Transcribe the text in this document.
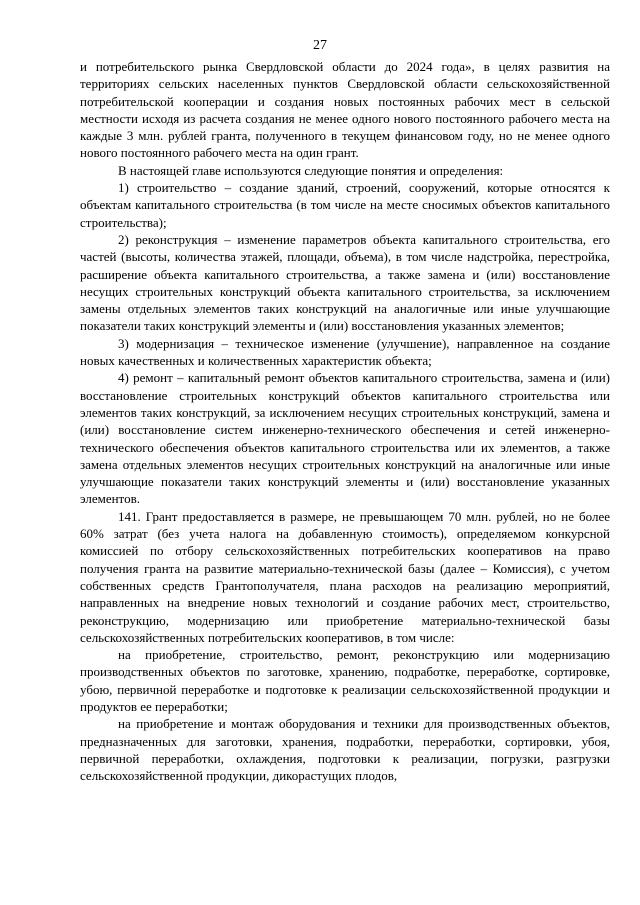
27

и потребительского рынка Свердловской области до 2024 года», в целях развития на территориях сельских населенных пунктов Свердловской области сельскохозяйственной потребительской кооперации и создания новых постоянных рабочих мест в сельской местности исходя из расчета создания не менее одного нового постоянного рабочего места на каждые 3 млн. рублей гранта, полученного в текущем финансовом году, но не менее одного нового постоянного рабочего места на один грант.

В настоящей главе используются следующие понятия и определения:

1) строительство – создание зданий, строений, сооружений, которые относятся к объектам капитального строительства (в том числе на месте сносимых объектов капитального строительства);

2) реконструкция – изменение параметров объекта капитального строительства, его частей (высоты, количества этажей, площади, объема), в том числе надстройка, перестройка, расширение объекта капитального строительства, а также замена и (или) восстановление несущих строительных конструкций объекта капитального строительства, за исключением замены отдельных элементов таких конструкций на аналогичные или иные улучшающие показатели таких конструкций элементы и (или) восстановления указанных элементов;

3) модернизация – техническое изменение (улучшение), направленное на создание новых качественных и количественных характеристик объекта;

4) ремонт – капитальный ремонт объектов капитального строительства, замена и (или) восстановление строительных конструкций объектов капитального строительства или элементов таких конструкций, за исключением несущих строительных конструкций, замена и (или) восстановление систем инженерно-технического обеспечения и сетей инженерно-технического обеспечения объектов капитального строительства или их элементов, а также замена отдельных элементов несущих строительных конструкций на аналогичные или иные улучшающие показатели таких конструкций элементы и (или) восстановление указанных элементов.

141. Грант предоставляется в размере, не превышающем 70 млн. рублей, но не более 60% затрат (без учета налога на добавленную стоимость), определяемом конкурсной комиссией по отбору сельскохозяйственных потребительских кооперативов на право получения гранта на развитие материально-технической базы (далее – Комиссия), с учетом собственных средств Грантополучателя, плана расходов на реализацию мероприятий, направленных на внедрение новых технологий и создание рабочих мест, строительство, реконструкцию, модернизацию или приобретение материально-технической базы сельскохозяйственных потребительских кооперативов, в том числе:

на приобретение, строительство, ремонт, реконструкцию или модернизацию производственных объектов по заготовке, хранению, подработке, переработке, сортировке, убою, первичной переработке и подготовке к реализации сельскохозяйственной продукции и продуктов ее переработки;

на приобретение и монтаж оборудования и техники для производственных объектов, предназначенных для заготовки, хранения, подработки, переработки, сортировки, убоя, первичной переработки, охлаждения, подготовки к реализации, погрузки, разгрузки сельскохозяйственной продукции, дикорастущих плодов,
